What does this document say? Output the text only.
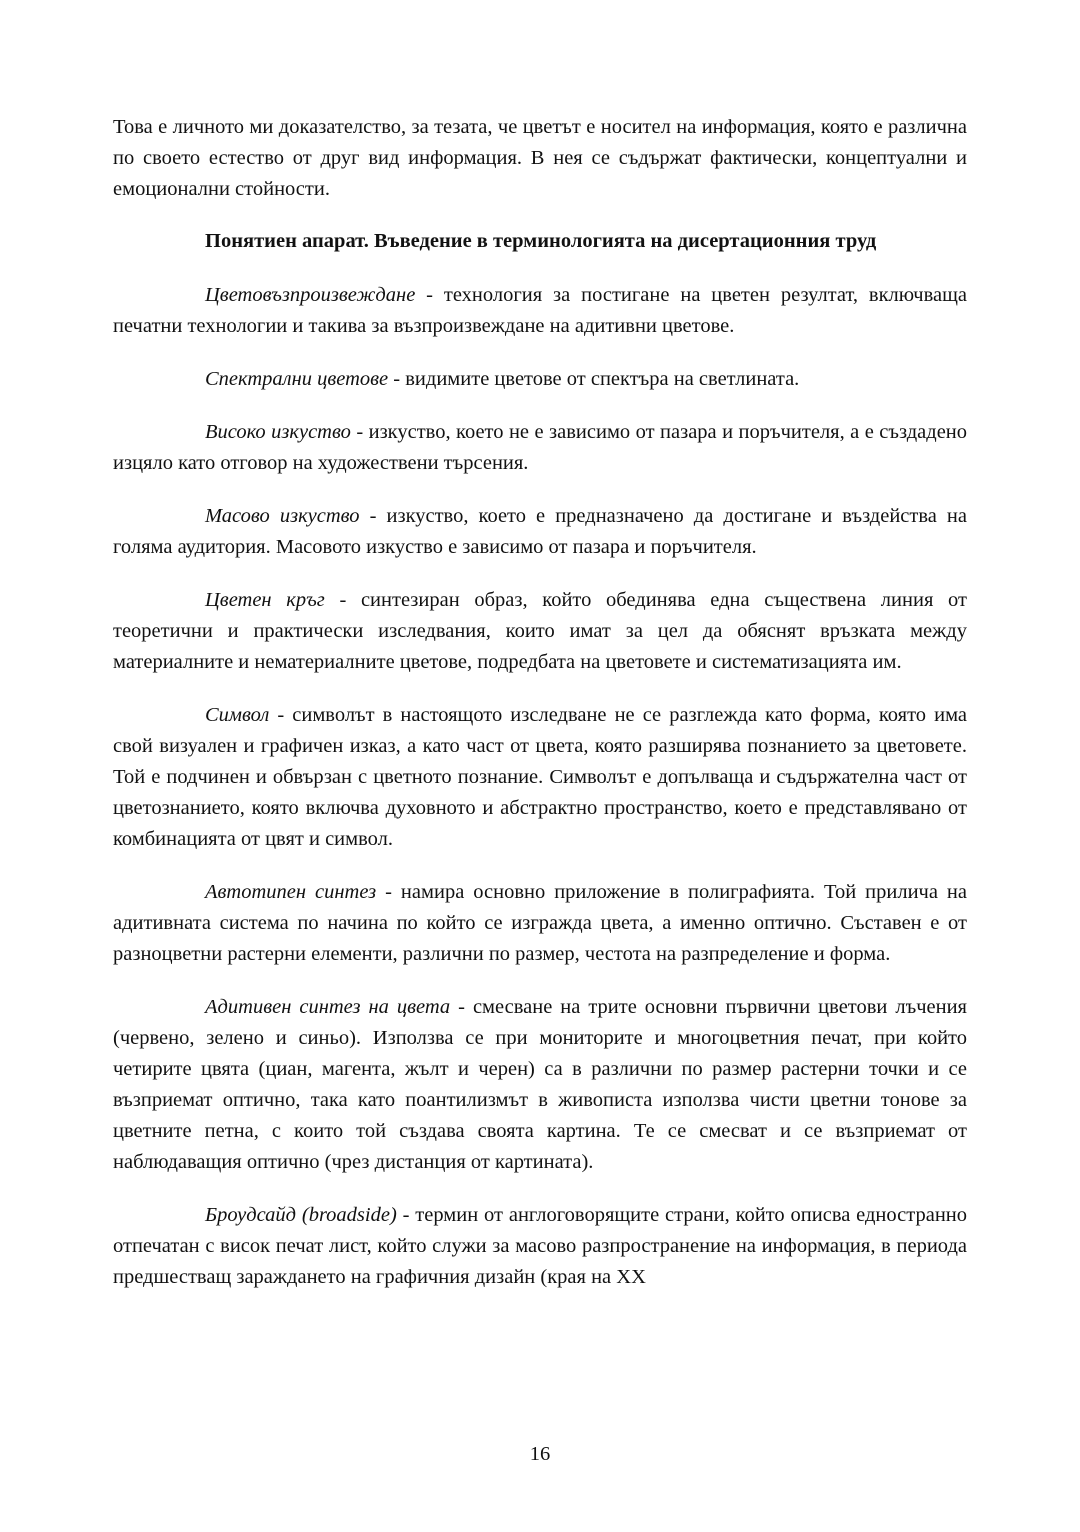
Това е личното ми доказателство, за тезата, че цветът е носител на информация, която е различна по своето естество от друг вид информация. В нея се съдържат фактически, концептуални и емоционални стойности.

Понятиен апарат. Въведение в терминологията на дисертационния труд

Цветовъзпроизвеждане - технология за постигане на цветен резултат, включваща печатни технологии и такива за възпроизвеждане на адитивни цветове.

Спектрални цветове - видимите цветове от спектъра на светлината.

Високо изкуство - изкуство, което не е зависимо от пазара и поръчителя, а е създадено изцяло като отговор на художествени търсения.

Масово изкуство - изкуство, което е предназначено да достигане и въздейства на голяма аудитория. Масовото изкуство е зависимо от пазара и поръчителя.

Цветен кръг - синтезиран образ, който обединява една съществена линия от теоретични и практически изследвания, които имат за цел да обяснят връзката между материалните и нематериалните цветове, подредбата на цветовете и систематизацията им.

Символ - символът в настоящото изследване не се разглежда като форма, която има свой визуален и графичен изказ, а като част от цвета, която разширява познанието за цветовете. Той е подчинен и обвързан с цветното познание. Символът е допълваща и съдържателна част от цветознанието, която включва духовното и абстрактно пространство, което е представлявано от комбинацията от цвят и символ.

Автотипен синтез - намира основно приложение в полиграфията. Той прилича на адитивната система по начина по който се изгражда цвета, а именно оптично. Съставен е от разноцветни растерни елементи, различни по размер, честота на разпределение и форма.

Адитивен синтез на цвета - смесване на трите основни първични цветови лъчения (червено, зелено и синьо). Използва се при мониторите и многоцветния печат, при който четирите цвята (циан, магента, жълт и черен) са в различни по размер растерни точки и се възприемат оптично, така като поантилизмът в живописта използва чисти цветни тонове за цветните петна, с които той създава своята картина. Те се смесват и се възприемат от наблюдаващия оптично (чрез дистанция от картината).

Броудсайд (broadside) - термин от англоговорящите страни, който описва едностранно отпечатан с висок печат лист, който служи за масово разпространение на информация, в периода предшестващ зараждането на графичния дизайн (края на XX

16
